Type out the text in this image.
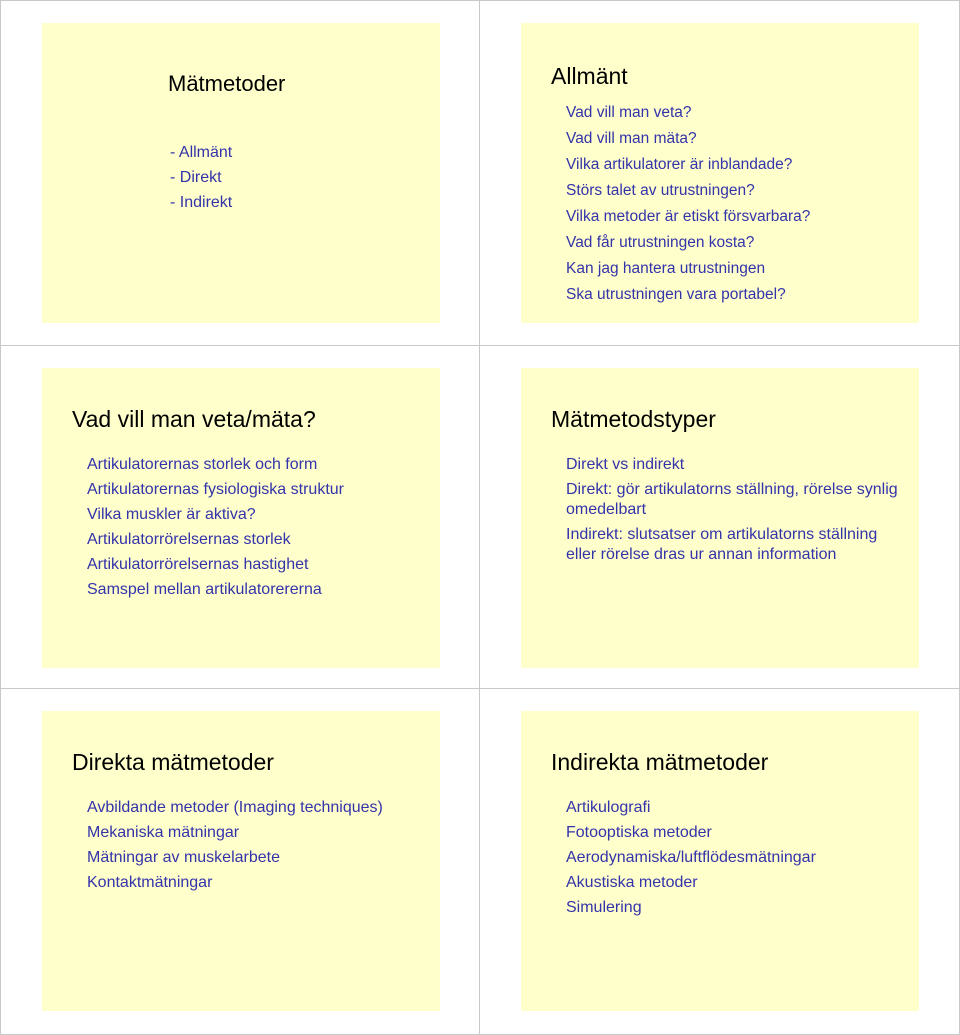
Mätmetoder
- Allmänt
- Direkt
- Indirekt
Allmänt
Vad vill man veta?
Vad vill man mäta?
Vilka artikulatorer är inblandade?
Störs talet av utrustningen?
Vilka metoder är etiskt försvarbara?
Vad får utrustningen kosta?
Kan jag hantera utrustningen
Ska utrustningen vara portabel?
Vad vill man veta/mäta?
Artikulatorernas storlek och form
Artikulatorernas fysiologiska struktur
Vilka muskler är aktiva?
Artikulatorrörelsernas storlek
Artikulatorrörelsernas hastighet
Samspel mellan artikulatorererna
Mätmetodstyper
Direkt vs indirekt
Direkt: gör artikulatorns ställning, rörelse synlig omedelbart
Indirekt: slutsatser om artikulatorns ställning eller rörelse dras ur annan information
Direkta mätmetoder
Avbildande metoder (Imaging techniques)
Mekaniska mätningar
Mätningar av muskelarbete
Kontaktmätningar
Indirekta mätmetoder
Artikulografi
Fotooptiska metoder
Aerodynamiska/luftflödesmätningar
Akustiska metoder
Simulering
